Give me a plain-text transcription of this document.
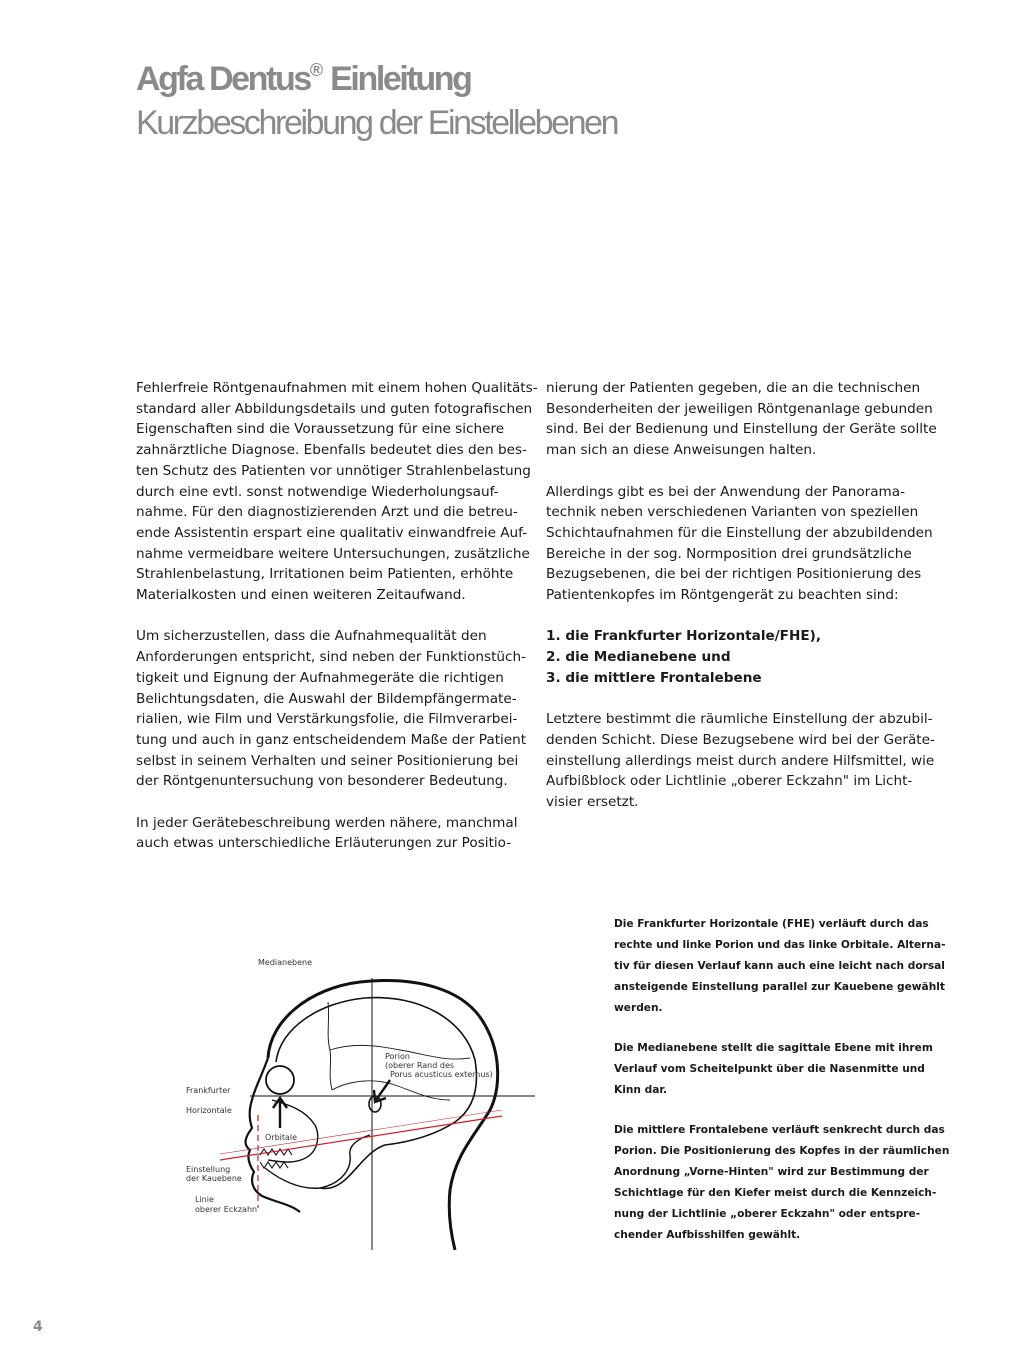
Agfa Dentus® Einleitung
Kurzbeschreibung der Einstellebenen
Fehlerfreie Röntgenaufnahmen mit einem hohen Qualitäts-
standard aller Abbildungsdetails und guten fotografischen
Eigenschaften sind die Voraussetzung für eine sichere
zahnärztliche Diagnose. Ebenfalls bedeutet dies den bes-
ten Schutz des Patienten vor unnötiger Strahlenbelastung
durch eine evtl. sonst notwendige Wiederholungsauf-
nahme. Für den diagnostizierenden Arzt und die betreu-
ende Assistentin erspart eine qualitativ einwandfreie Auf-
nahme vermeidbare weitere Untersuchungen, zusätzliche
Strahlenbelastung, Irritationen beim Patienten, erhöhte
Materialkosten und einen weiteren Zeitaufwand.
Um sicherzustellen, dass die Aufnahmequalität den
Anforderungen entspricht, sind neben der Funktionstüch-
tigkeit und Eignung der Aufnahmegeräte die richtigen
Belichtungsdaten, die Auswahl der Bildempfängermate-
rialien, wie Film und Verstärkungsfolie, die Filmverarbei-
tung und auch in ganz entscheidendem Maße der Patient
selbst in seinem Verhalten und seiner Positionierung bei
der Röntgenuntersuchung von besonderer Bedeutung.
In jeder Gerätebeschreibung werden nähere, manchmal
auch etwas unterschiedliche Erläuterungen zur Positio-
nierung der Patienten gegeben, die an die technischen
Besonderheiten der jeweiligen Röntgenanlage gebunden
sind. Bei der Bedienung und Einstellung der Geräte sollte
man sich an diese Anweisungen halten.
Allerdings gibt es bei der Anwendung der Panorama-
technik neben verschiedenen Varianten von speziellen
Schichtaufnahmen für die Einstellung der abzubildenden
Bereiche in der sog. Normposition drei grundsätzliche
Bezugsebenen, die bei der richtigen Positionierung des
Patientenkopfes im Röntgengerät zu beachten sind:
1. die Frankfurter Horizontale/FHE),
2. die Medianebene und
3. die mittlere Frontalebene
Letztere bestimmt die räumliche Einstellung der abzubil-
denden Schicht. Diese Bezugsebene wird bei der Geräte-
einstellung allerdings meist durch andere Hilfsmittel, wie
Aufbißblock oder Lichtlinie „oberer Eckzahn" im Licht-
visier ersetzt.
Medianebene
Porion
(oberer Rand des
Porus acusticus externus)
Frankfurter
Horizontale
Orbitale
Einstellung
der Kauebene
Linie
oberer Eckzahn
Die Frankfurter Horizontale (FHE) verläuft durch das
rechte und linke Porion und das linke Orbitale. Alterna-
tiv für diesen Verlauf kann auch eine leicht nach dorsal
ansteigende Einstellung parallel zur Kauebene gewählt
werden.
Die Medianebene stellt die sagittale Ebene mit ihrem
Verlauf vom Scheitelpunkt über die Nasenmitte und
Kinn dar.
Die mittlere Frontalebene verläuft senkrecht durch das
Porion. Die Positionierung des Kopfes in der räumlichen
Anordnung „Vorne-Hinten" wird zur Bestimmung der
Schichtlage für den Kiefer meist durch die Kennzeich-
nung der Lichtlinie „oberer Eckzahn" oder entspre-
chender Aufbisshilfen gewählt.
4
